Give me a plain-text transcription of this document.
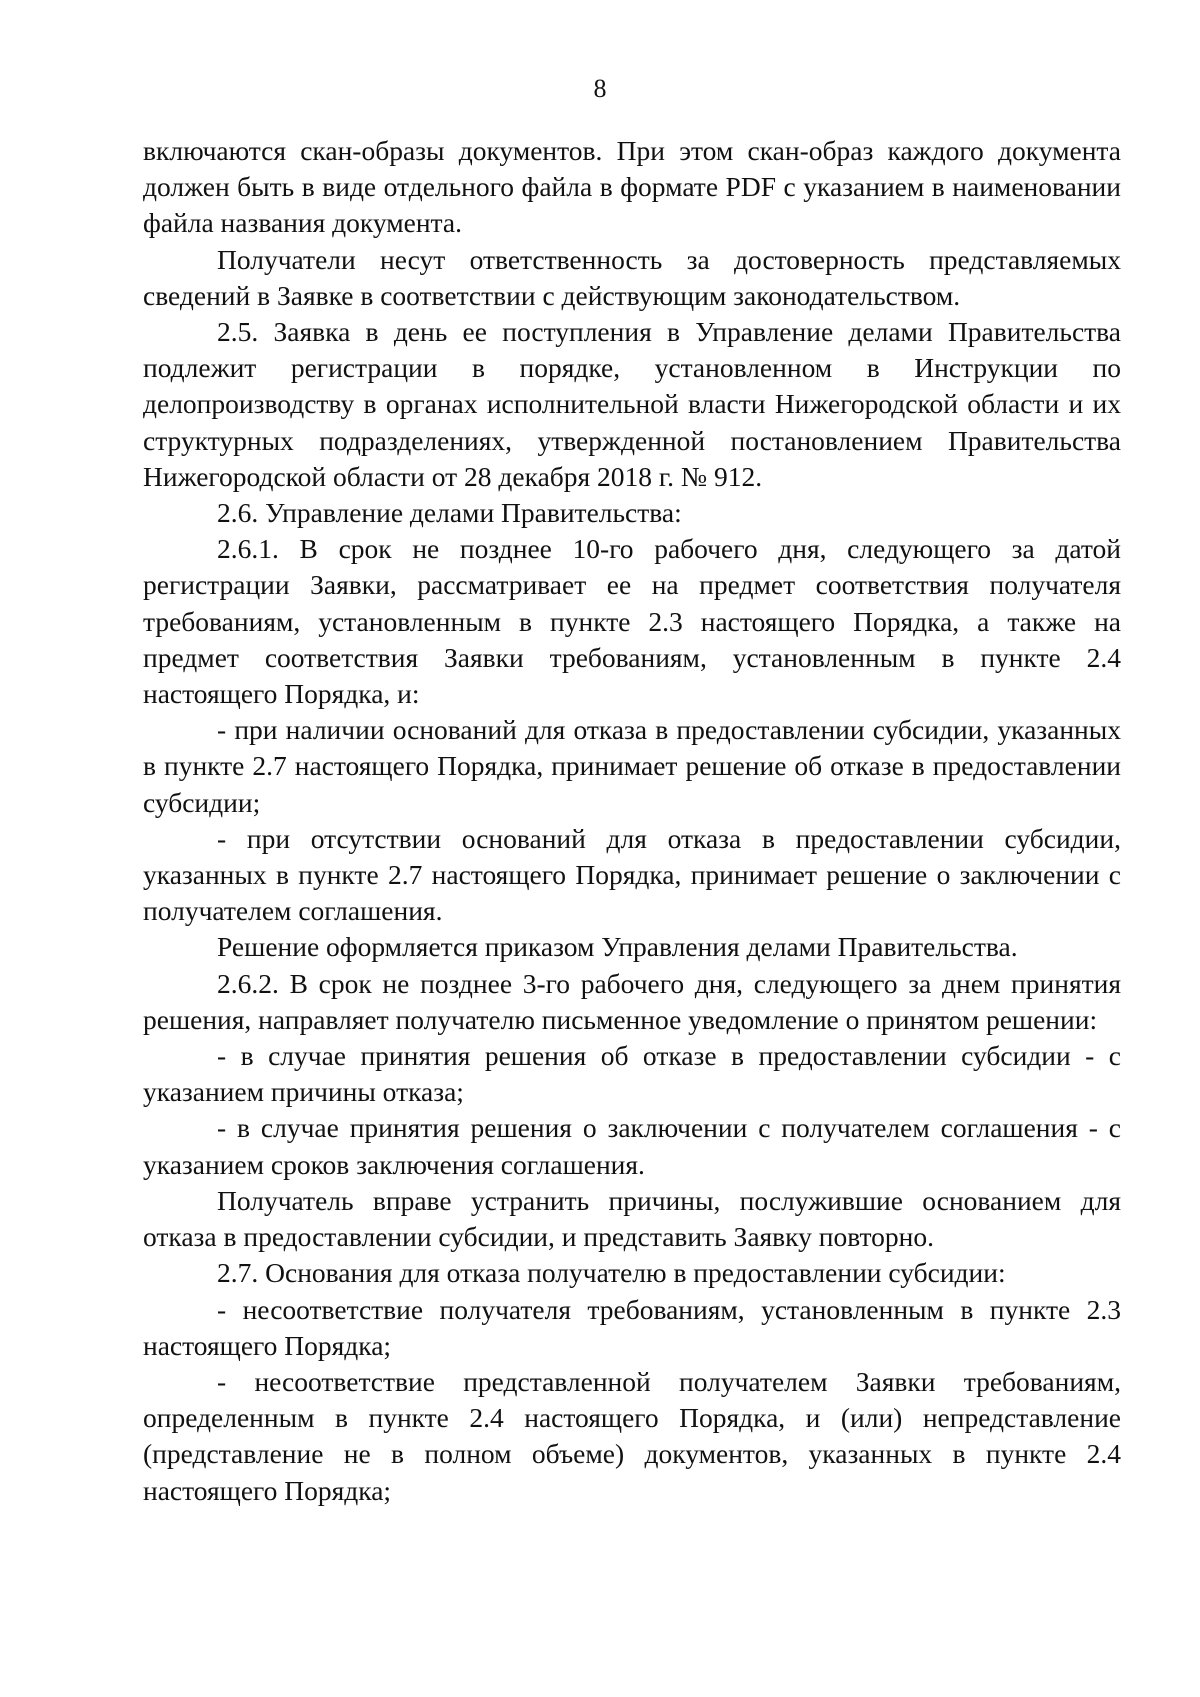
8

включаются скан-образы документов. При этом скан-образ каждого документа должен быть в виде отдельного файла в формате PDF с указанием в наименовании файла названия документа.

Получатели несут ответственность за достоверность представляемых сведений в Заявке в соответствии с действующим законодательством.

2.5. Заявка в день ее поступления в Управление делами Правительства подлежит регистрации в порядке, установленном в Инструкции по делопроизводству в органах исполнительной власти Нижегородской области и их структурных подразделениях, утвержденной постановлением Правительства Нижегородской области от 28 декабря 2018 г. № 912.

2.6. Управление делами Правительства:

2.6.1. В срок не позднее 10-го рабочего дня, следующего за датой регистрации Заявки, рассматривает ее на предмет соответствия получателя требованиям, установленным в пункте 2.3 настоящего Порядка, а также на предмет соответствия Заявки требованиям, установленным в пункте 2.4 настоящего Порядка, и:

- при наличии оснований для отказа в предоставлении субсидии, указанных в пункте 2.7 настоящего Порядка, принимает решение об отказе в предоставлении субсидии;

- при отсутствии оснований для отказа в предоставлении субсидии, указанных в пункте 2.7 настоящего Порядка, принимает решение о заключении с получателем соглашения.

Решение оформляется приказом Управления делами Правительства.

2.6.2. В срок не позднее 3-го рабочего дня, следующего за днем принятия решения, направляет получателю письменное уведомление о принятом решении:

- в случае принятия решения об отказе в предоставлении субсидии - с указанием причины отказа;

- в случае принятия решения о заключении с получателем соглашения - с указанием сроков заключения соглашения.

Получатель вправе устранить причины, послужившие основанием для отказа в предоставлении субсидии, и представить Заявку повторно.

2.7. Основания для отказа получателю в предоставлении субсидии:

- несоответствие получателя требованиям, установленным в пункте 2.3 настоящего Порядка;

- несоответствие представленной получателем Заявки требованиям, определенным в пункте 2.4 настоящего Порядка, и (или) непредставление (представление не в полном объеме) документов, указанных в пункте 2.4 настоящего Порядка;
